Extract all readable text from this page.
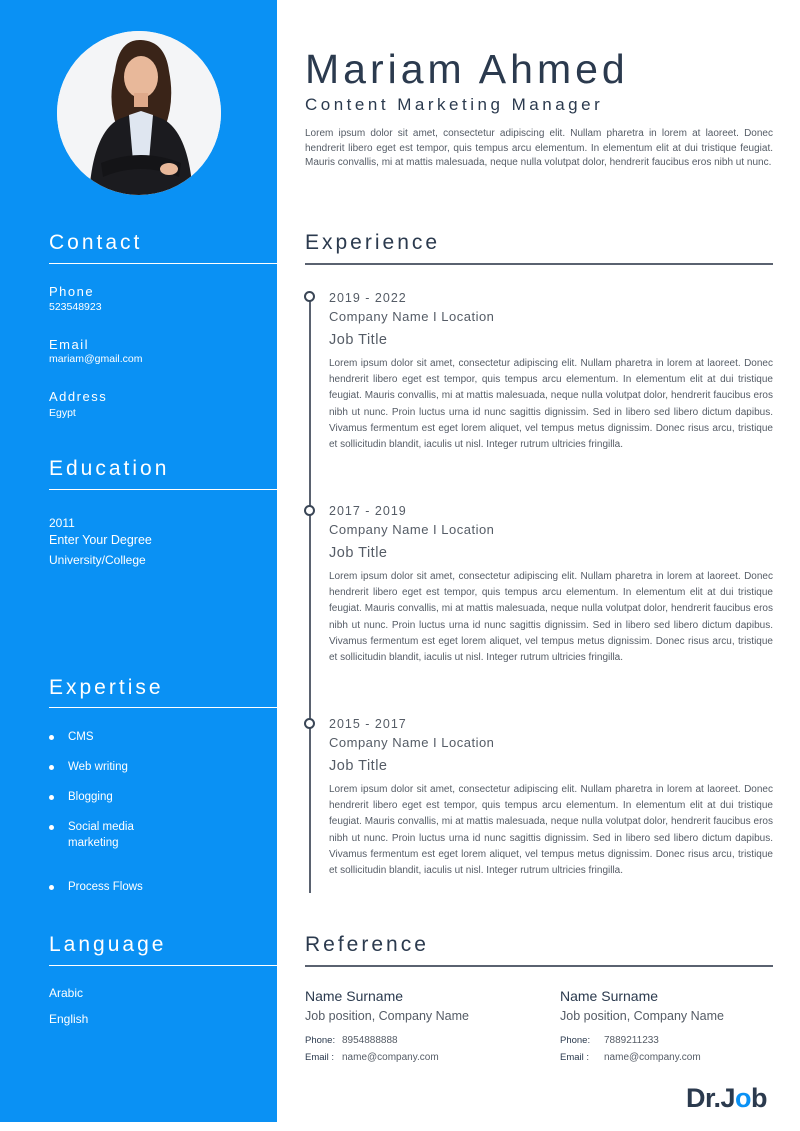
Contact
Phone
523548923
Email
mariam@gmail.com
Address
Egypt
Education
2011
Enter Your Degree
University/College
Expertise
CMS
Web writing
Blogging
Social media marketing
Process Flows
Language
Arabic
English
Mariam Ahmed
Content Marketing Manager
Lorem ipsum dolor sit amet, consectetur adipiscing elit. Nullam pharetra in lorem at laoreet. Donec hendrerit libero eget est tempor, quis tempus arcu elementum. In elementum elit at dui tristique feugiat. Mauris convallis, mi at mattis malesuada, neque nulla volutpat dolor, hendrerit faucibus eros nibh ut nunc.
Experience
2019 - 2022
Company Name I Location
Job Title
Lorem ipsum dolor sit amet, consectetur adipiscing elit. Nullam pharetra in lorem at laoreet. Donec hendrerit libero eget est tempor, quis tempus arcu elementum. In elementum elit at dui tristique feugiat. Mauris convallis, mi at mattis malesuada, neque nulla volutpat dolor, hendrerit faucibus eros nibh ut nunc. Proin luctus urna id nunc sagittis dignissim. Sed in libero sed libero dictum dapibus. Vivamus fermentum est eget lorem aliquet, vel tempus metus dignissim. Donec risus arcu, tristique et sollicitudin blandit, iaculis ut nisl. Integer rutrum ultricies fringilla.
2017 - 2019
Company Name I Location
Job Title
Lorem ipsum dolor sit amet, consectetur adipiscing elit. Nullam pharetra in lorem at laoreet. Donec hendrerit libero eget est tempor, quis tempus arcu elementum. In elementum elit at dui tristique feugiat. Mauris convallis, mi at mattis malesuada, neque nulla volutpat dolor, hendrerit faucibus eros nibh ut nunc. Proin luctus urna id nunc sagittis dignissim. Sed in libero sed libero dictum dapibus. Vivamus fermentum est eget lorem aliquet, vel tempus metus dignissim. Donec risus arcu, tristique et sollicitudin blandit, iaculis ut nisl. Integer rutrum ultricies fringilla.
2015 - 2017
Company Name I Location
Job Title
Lorem ipsum dolor sit amet, consectetur adipiscing elit. Nullam pharetra in lorem at laoreet. Donec hendrerit libero eget est tempor, quis tempus arcu elementum. In elementum elit at dui tristique feugiat. Mauris convallis, mi at mattis malesuada, neque nulla volutpat dolor, hendrerit faucibus eros nibh ut nunc. Proin luctus urna id nunc sagittis dignissim. Sed in libero sed libero dictum dapibus. Vivamus fermentum est eget lorem aliquet, vel tempus metus dignissim. Donec risus arcu, tristique et sollicitudin blandit, iaculis ut nisl. Integer rutrum ultricies fringilla.
Reference
Name Surname
Job position, Company Name
Phone: 8954888888
Email : name@company.com
Name Surname
Job position, Company Name
Phone: 7889211233
Email : name@company.com
Dr.Job
